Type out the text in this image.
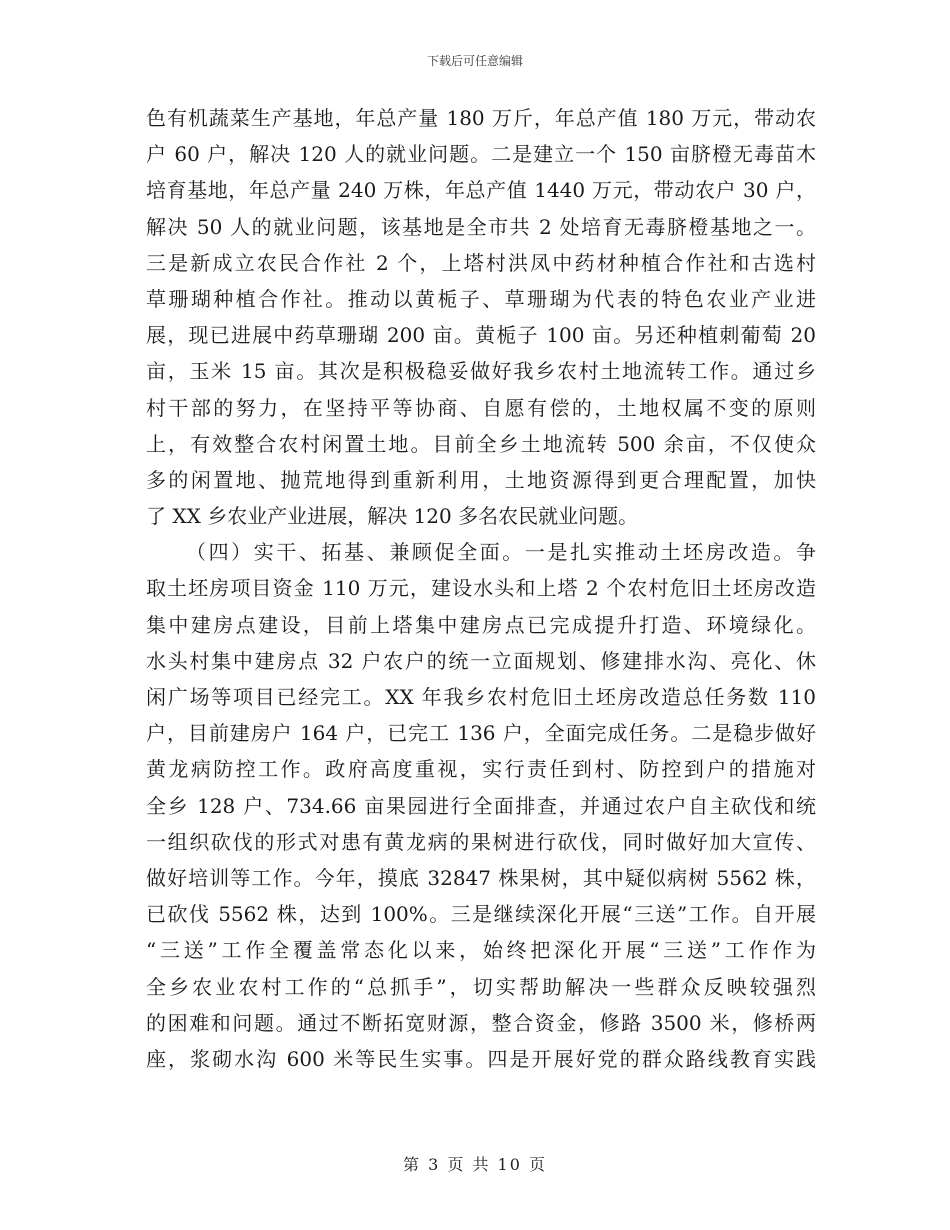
下载后可任意编辑
色有机蔬菜生产基地，年总产量 180 万斤，年总产值 180 万元，带动农
户 60 户，解决 120 人的就业问题。二是建立一个 150 亩脐橙无毒苗木
培育基地，年总产量 240 万株，年总产值 1440 万元，带动农户 30 户，
解决 50 人的就业问题，该基地是全市共 2 处培育无毒脐橙基地之一。
三是新成立农民合作社 2 个，上塔村洪凤中药材种植合作社和古选村
草珊瑚种植合作社。推动以黄栀子、草珊瑚为代表的特色农业产业进
展，现已进展中药草珊瑚 200 亩。黄栀子 100 亩。另还种植刺葡萄 20
亩，玉米 15 亩。其次是积极稳妥做好我乡农村土地流转工作。通过乡
村干部的努力，在坚持平等协商、自愿有偿的，土地权属不变的原则
上，有效整合农村闲置土地。目前全乡土地流转 500 余亩，不仅使众
多的闲置地、抛荒地得到重新利用，土地资源得到更合理配置，加快
了 XX 乡农业产业进展，解决 120 多名农民就业问题。
（四）实干、拓基、兼顾促全面。一是扎实推动土坯房改造。争
取土坯房项目资金 110 万元，建设水头和上塔 2 个农村危旧土坯房改造
集中建房点建设，目前上塔集中建房点已完成提升打造、环境绿化。
水头村集中建房点 32 户农户的统一立面规划、修建排水沟、亮化、休
闲广场等项目已经完工。XX 年我乡农村危旧土坯房改造总任务数 110
户，目前建房户 164 户，已完工 136 户，全面完成任务。二是稳步做好
黄龙病防控工作。政府高度重视，实行责任到村、防控到户的措施对
全乡 128 户、734.66 亩果园进行全面排查，并通过农户自主砍伐和统
一组织砍伐的形式对患有黄龙病的果树进行砍伐，同时做好加大宣传、
做好培训等工作。今年，摸底 32847 株果树，其中疑似病树 5562 株，
已砍伐 5562 株，达到 100%。三是继续深化开展“三送”工作。自开展
“三送”工作全覆盖常态化以来，始终把深化开展“三送”工作作为
全乡农业农村工作的“总抓手”，切实帮助解决一些群众反映较强烈
的困难和问题。通过不断拓宽财源，整合资金，修路 3500 米，修桥两
座，浆砌水沟 600 米等民生实事。四是开展好党的群众路线教育实践
第 3 页 共 10 页
